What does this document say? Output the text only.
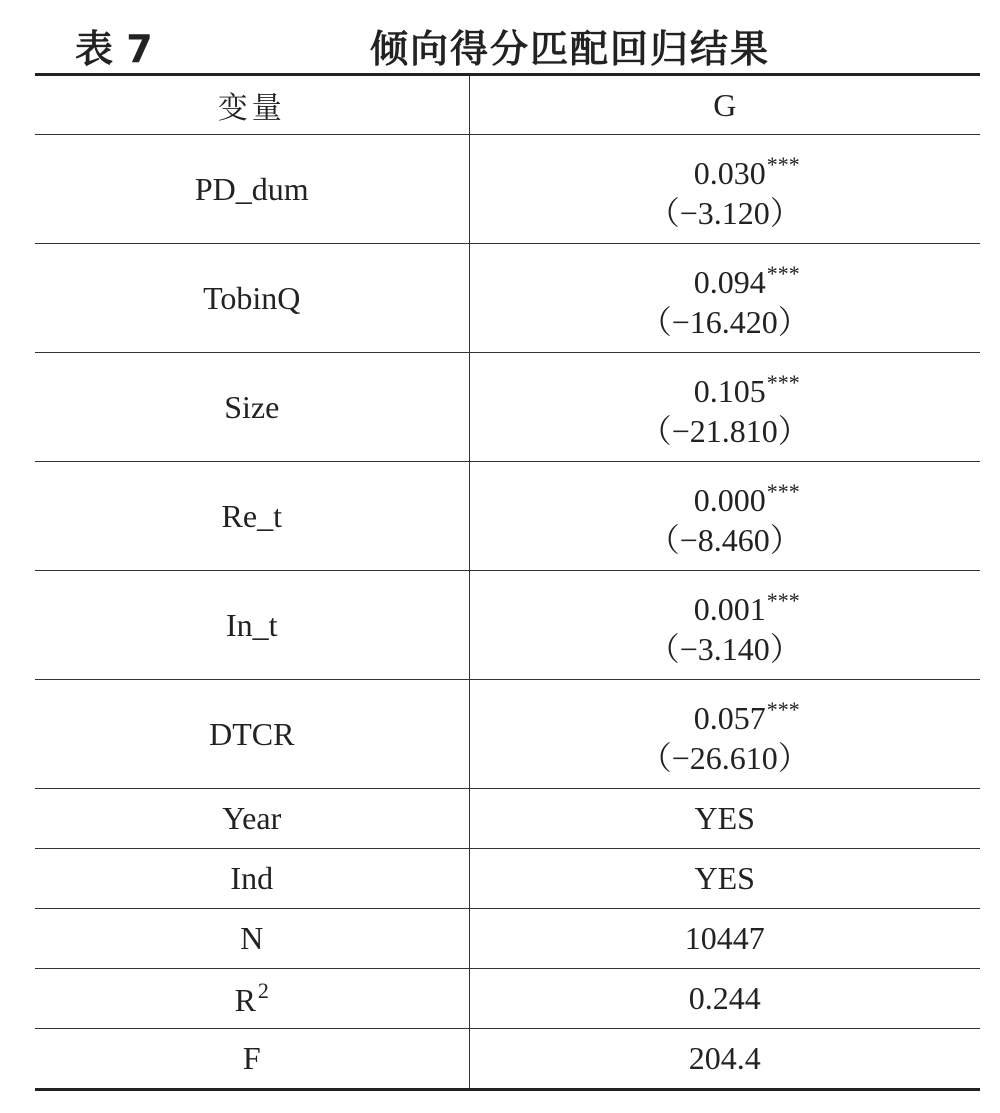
表 7	倾向得分匹配回归结果
变量	G
PD_dum	0.030***
（−3.120）

TobinQ	0.094***
（−16.420）

Size	0.105***
（−21.810）

Re_t	0.000***
（−8.460）

In_t	0.001***
（−3.140）

DTCR	0.057***
（−26.610）

Year	YES
Ind	YES
N	10447
$R^2$	0.244
F	204.4
